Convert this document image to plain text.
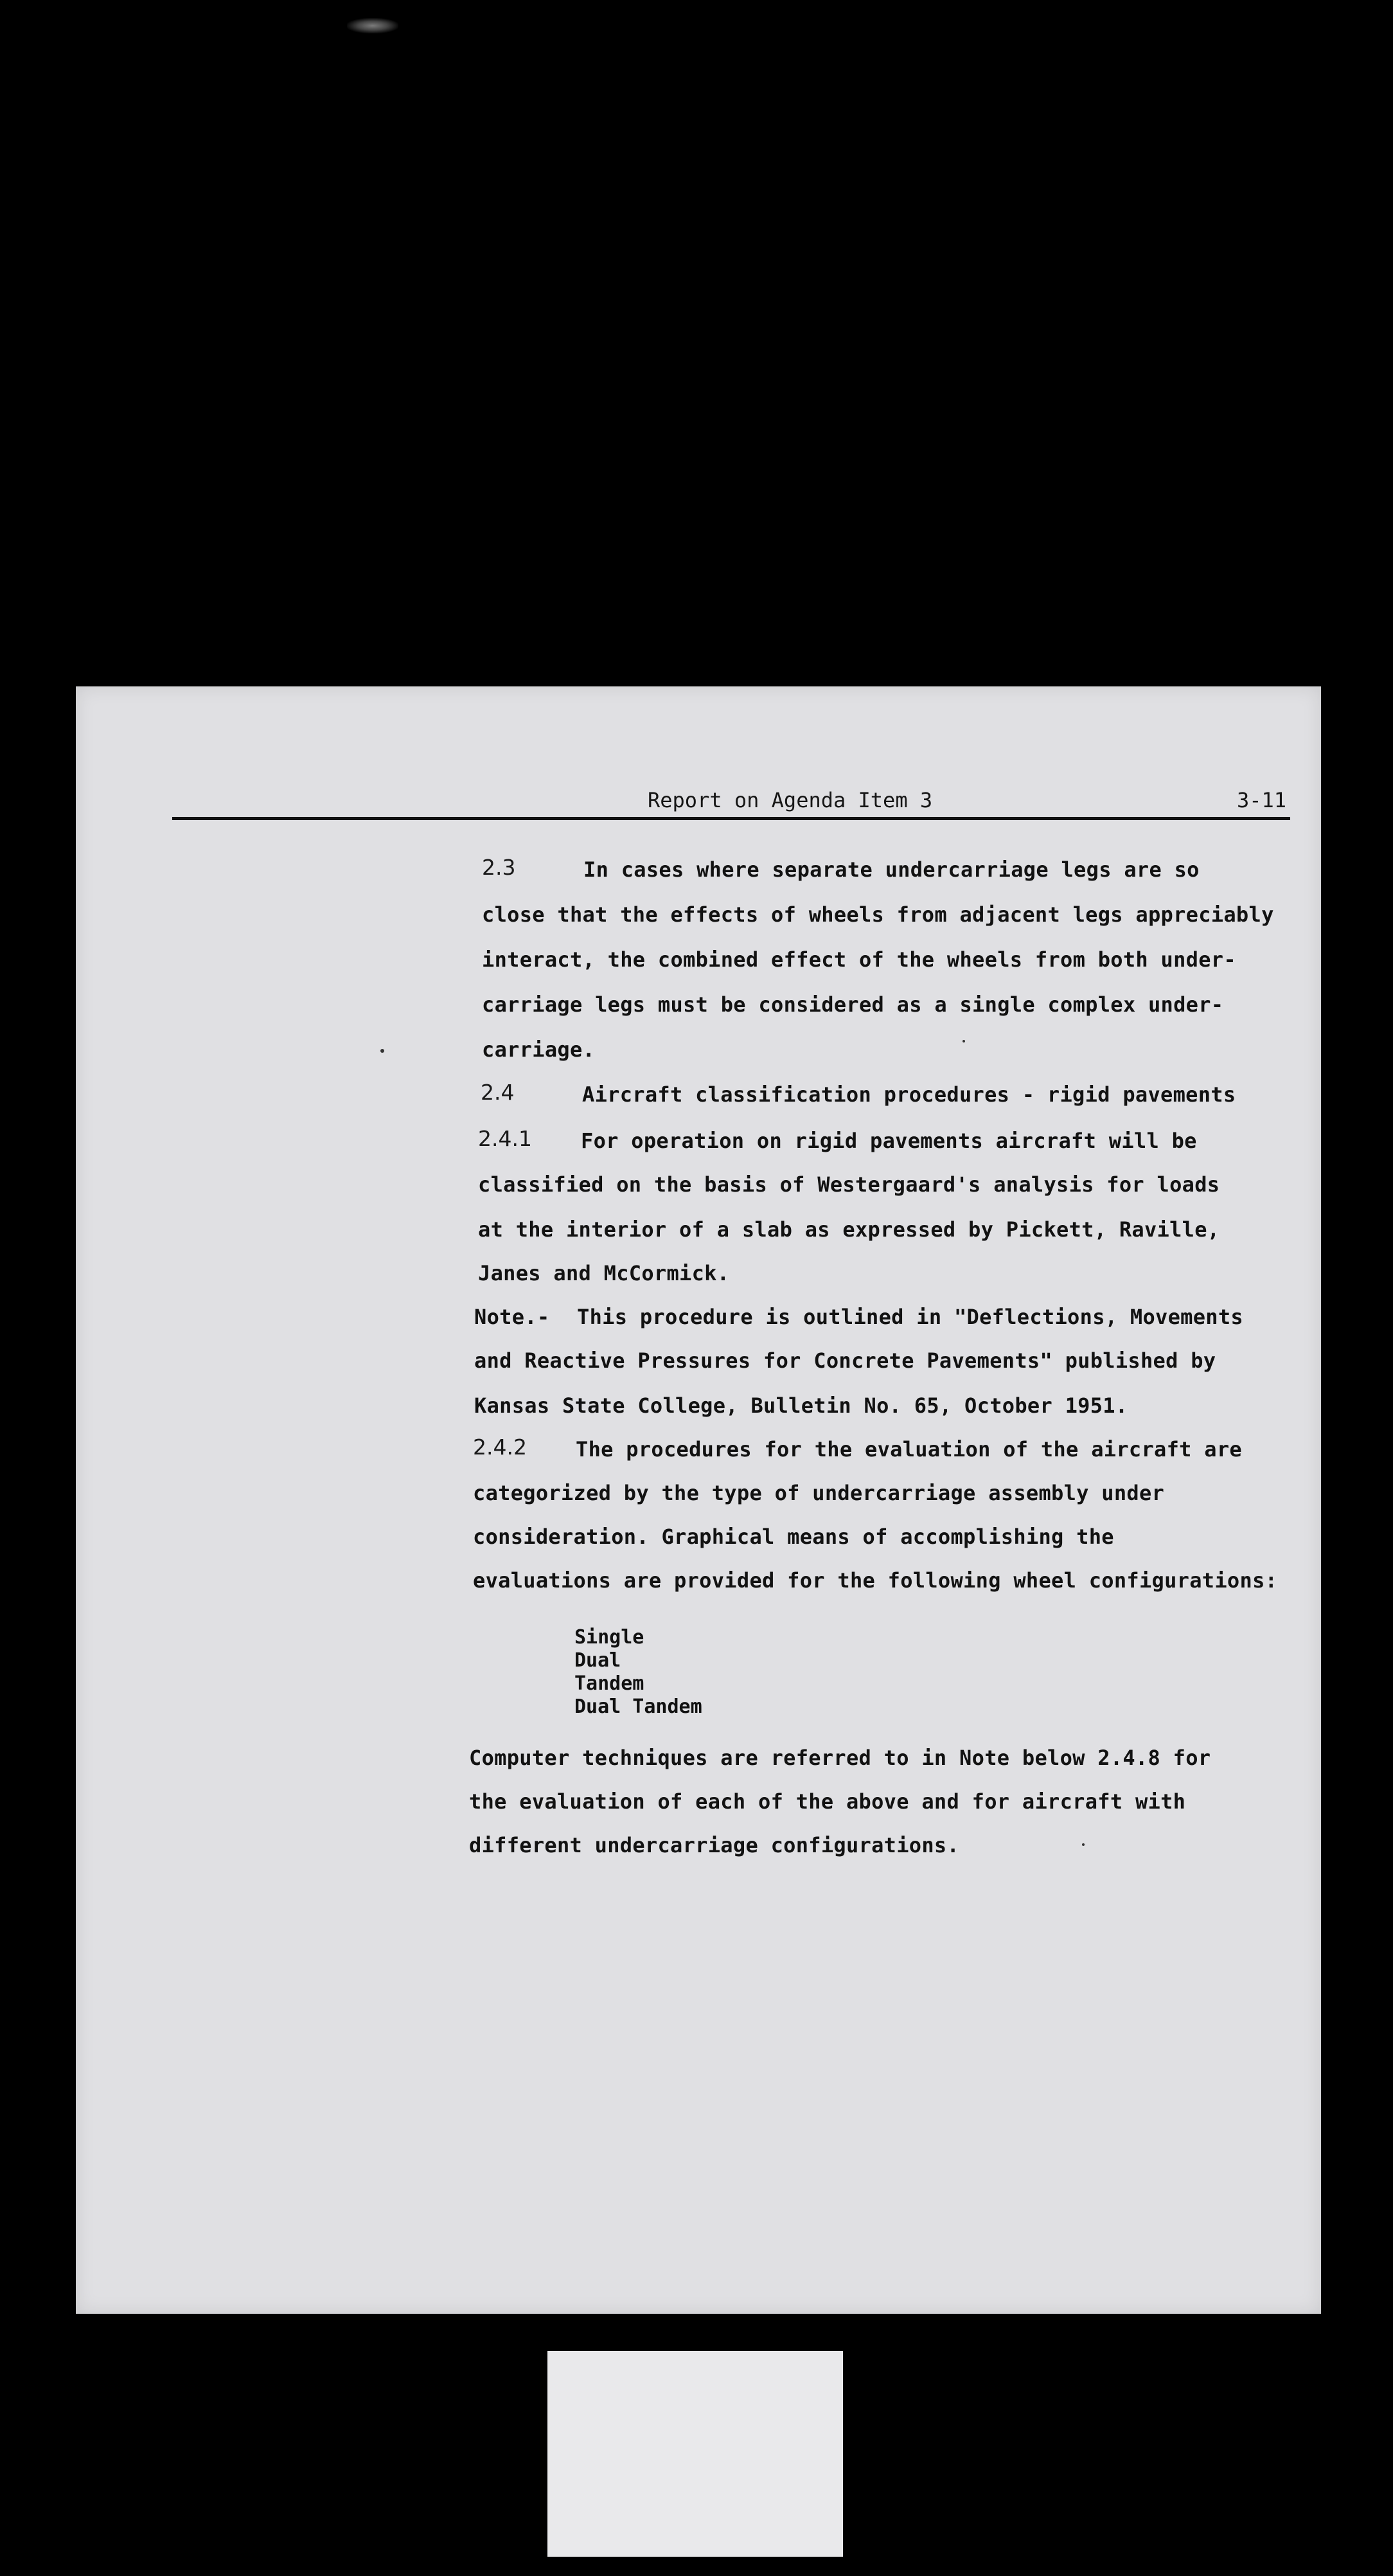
Report on Agenda Item 3	3-11
2.3	In cases where separate undercarriage legs are so
close that the effects of wheels from adjacent legs appreciably
interact, the combined effect of the wheels from both under-
carriage legs must be considered as a single complex under-
carriage.
2.4	Aircraft classification procedures - rigid pavements
2.4.1 For operation on rigid pavements aircraft will be
classified on the basis of Westergaard's analysis for loads
at the interior of a slab as expressed by Pickett, Raville,
Janes and McCormick.
Note.- This procedure is outlined in "Deflections, Movements
and Reactive Pressures for Concrete Pavements" published by
Kansas State College, Bulletin No. 65, October 1951.
2.4.2 The procedures for the evaluation of the aircraft are
categorized by the type of undercarriage assembly under
consideration. Graphical means of accomplishing the
evaluations are provided for the following wheel configurations:
Single
Dual
Tandem
Dual Tandem
Computer techniques are referred to in Note below 2.4.8 for
the evaluation of each of the above and for aircraft with
different undercarriage configurations.
